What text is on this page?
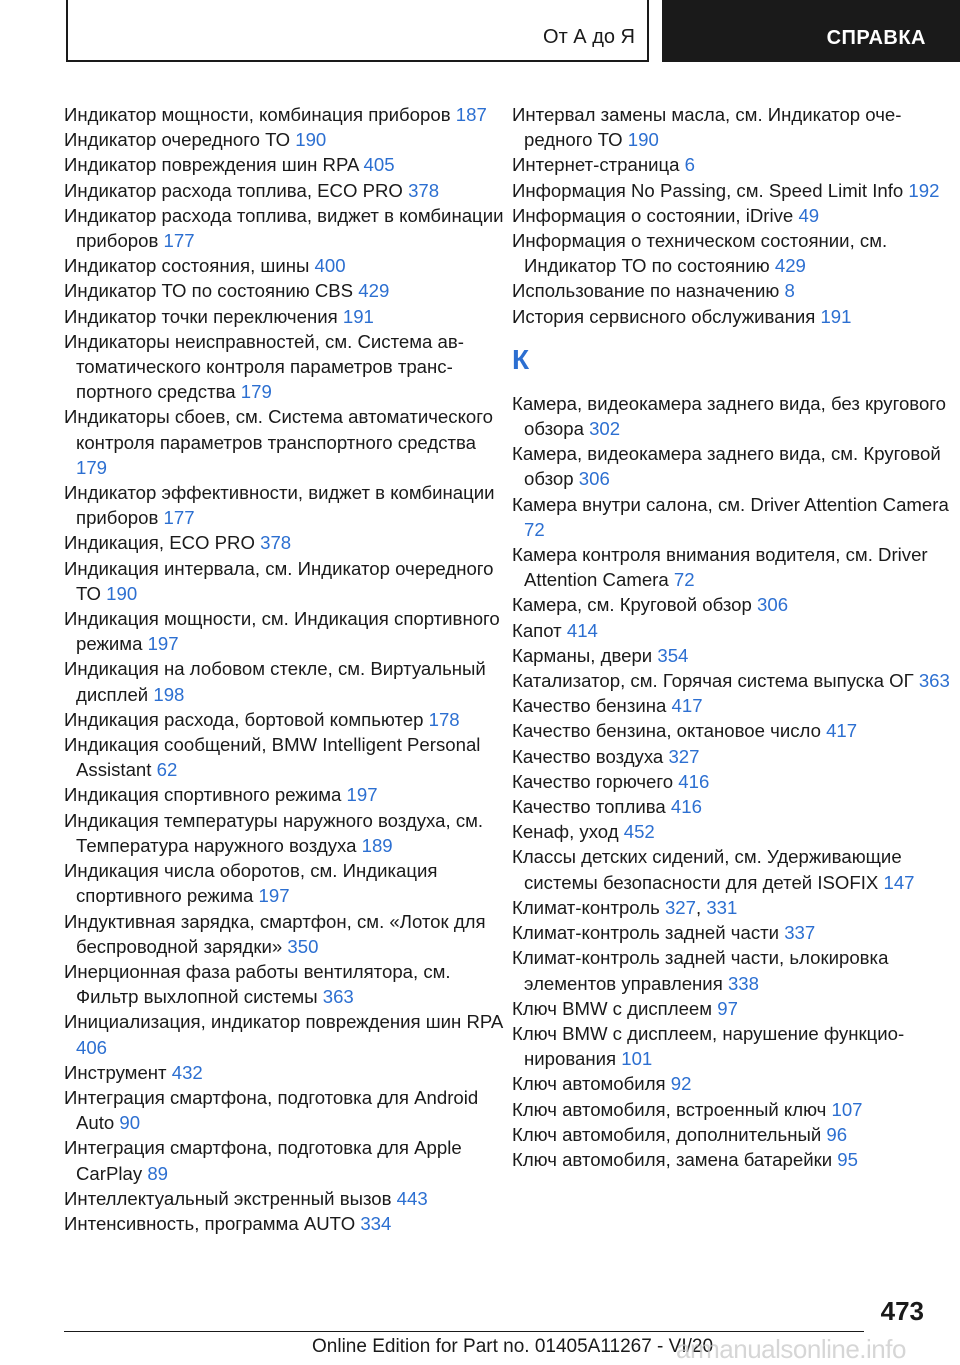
От А до Я	СПРАВКА
Индикатор мощности, комбинация приборов 187
Индикатор очередного ТО 190
Индикатор повреждения шин RPA 405
Индикатор расхода топлива, ECO PRO 378
Индикатор расхода топлива, виджет в комбинации приборов 177
Индикатор состояния, шины 400
Индикатор ТО по состоянию CBS 429
Индикатор точки переключения 191
Индикаторы неисправностей, см. Система автоматического контроля параметров транспортного средства 179
Индикаторы сбоев, см. Система автоматического контроля параметров транспортного средства 179
Индикатор эффективности, виджет в комбинации приборов 177
Индикация, ECO PRO 378
Индикация интервала, см. Индикатор очередного ТО 190
Индикация мощности, см. Индикация спортивного режима 197
Индикация на лобовом стекле, см. Виртуальный дисплей 198
Индикация расхода, бортовой компьютер 178
Индикация сообщений, BMW Intelligent Personal Assistant 62
Индикация спортивного режима 197
Индикация температуры наружного воздуха, см. Температура наружного воздуха 189
Индикация числа оборотов, см. Индикация спортивного режима 197
Индуктивная зарядка, смартфон, см. «Лоток для беспроводной зарядки» 350
Инерционная фаза работы вентилятора, см. Фильтр выхлопной системы 363
Инициализация, индикатор повреждения шин RPA 406
Инструмент 432
Интеграция смартфона, подготовка для Android Auto 90
Интеграция смартфона, подготовка для Apple CarPlay 89
Интеллектуальный экстренный вызов 443
Интенсивность, программа AUTO 334
Интервал замены масла, см. Индикатор очередного ТО 190
Интернет-страница 6
Информация No Passing, см. Speed Limit Info 192
Информация о состоянии, iDrive 49
Информация о техническом состоянии, см. Индикатор ТО по состоянию 429
Использование по назначению 8
История сервисного обслуживания 191
К
Камера, видеокамера заднего вида, без кругового обзора 302
Камера, видеокамера заднего вида, см. Круговой обзор 306
Камера внутри салона, см. Driver Attention Camera 72
Камера контроля внимания водителя, см. Driver Attention Camera 72
Камера, см. Круговой обзор 306
Капот 414
Карманы, двери 354
Катализатор, см. Горячая система выпуска ОГ 363
Качество бензина 417
Качество бензина, октановое число 417
Качество воздуха 327
Качество горючего 416
Качество топлива 416
Кенаф, уход 452
Классы детских сидений, см. Удерживающие системы безопасности для детей ISOFIX 147
Климат-контроль 327, 331
Климат-контроль задней части 337
Климат-контроль задней части, ьлокировка элементов управления 338
Ключ BMW с дисплеем 97
Ключ BMW с дисплеем, нарушение функционирования 101
Ключ автомобиля 92
Ключ автомобиля, встроенный ключ 107
Ключ автомобиля, дополнительный 96
Ключ автомобиля, замена батарейки 95
473
Online Edition for Part no. 01405A11267 - VI/20
armanualsonline.info
